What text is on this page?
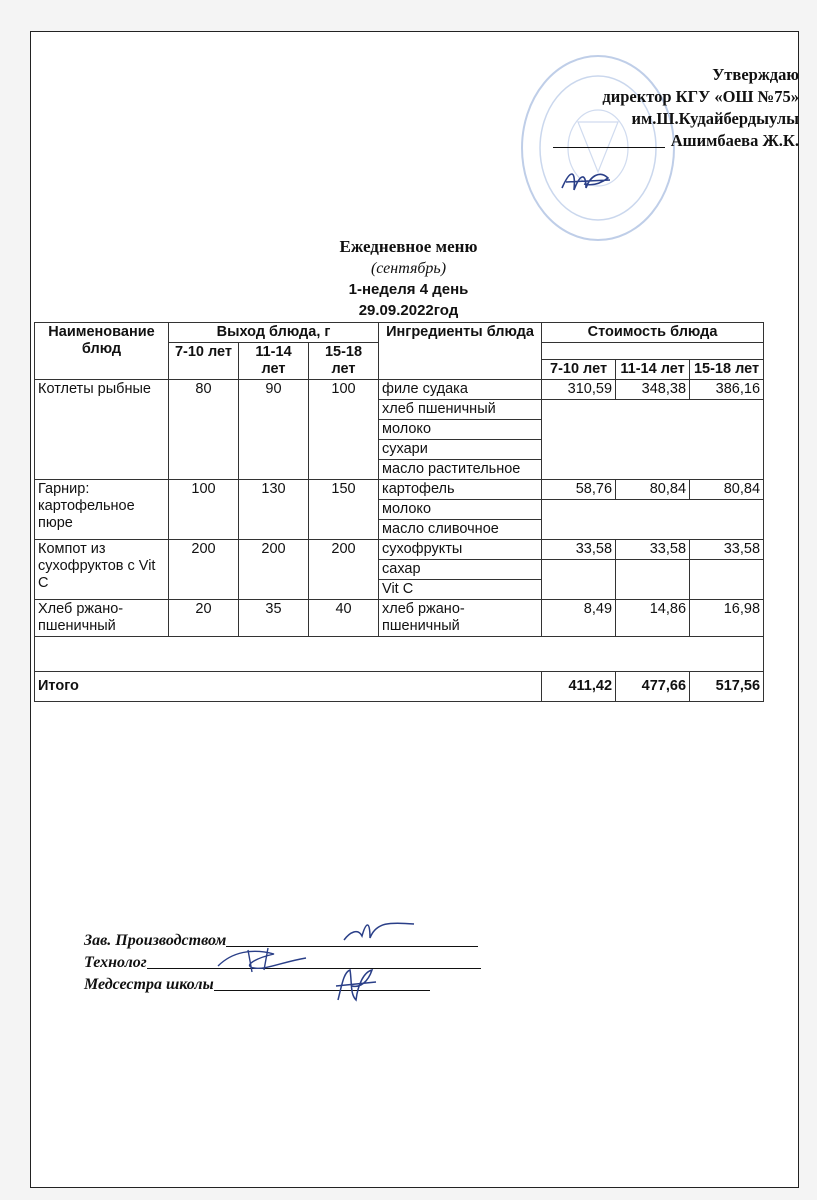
Утверждаю
директор КГУ «ОШ №75»
им.Ш.Кудайбердыулы
Ашимбаева Ж.К.
Ежедневное меню
(сентябрь)
1-неделя 4 день
29.09.2022год
Наименование блюд	Выход блюда, г			Ингредиенты блюда	Стоимость блюда		
	7-10 лет	11-14 лет	15-18 лет				
					7-10 лет	11-14 лет	15-18 лет
Котлеты рыбные	80	90	100	филе судака	310,59	348,38	386,16
				хлеб пшеничный			
				молоко			
				сухари			
				масло растительное			
Гарнир: картофельное пюре	100	130	150	картофель	58,76	80,84	80,84
				молоко			
				масло сливочное			
Компот из сухофруктов с Vit C	200	200	200	сухофрукты	33,58	33,58	33,58
				сахар			
				Vit C			
Хлеб ржано-пшеничный	20	35	40	хлеб ржано-пшеничный	8,49	14,86	16,98

Итого					411,42	477,66	517,56
Зав. Производством
Технолог
Медсестра школы
